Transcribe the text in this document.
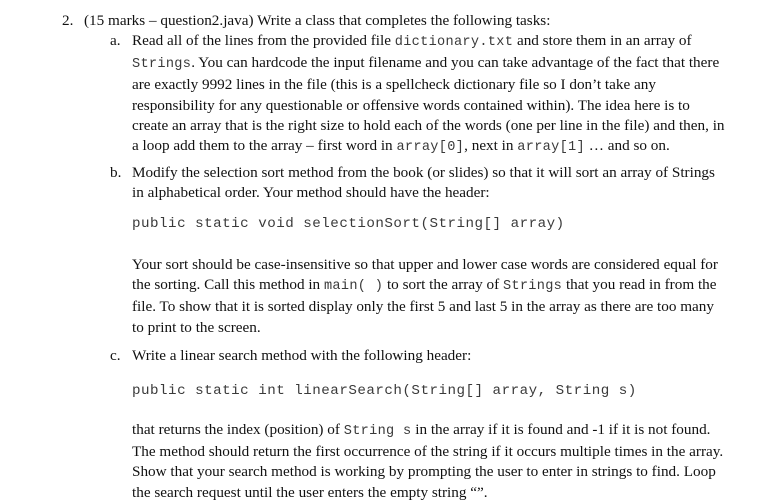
2. (15 marks – question2.java) Write a class that completes the following tasks:
a. Read all of the lines from the provided file dictionary.txt and store them in an array of
Strings. You can hardcode the input filename and you can take advantage of the fact that there
are exactly 9992 lines in the file (this is a spellcheck dictionary file so I don’t take any
responsibility for any questionable or offensive words contained within). The idea here is to
create an array that is the right size to hold each of the words (one per line in the file) and then, in
a loop add them to the array – first word in array[0], next in array[1] … and so on.
b. Modify the selection sort method from the book (or slides) so that it will sort an array of Strings
in alphabetical order. Your method should have the header:
public static void selectionSort(String[] array)
Your sort should be case-insensitive so that upper and lower case words are considered equal for
the sorting. Call this method in main( ) to sort the array of Strings that you read in from the
file. To show that it is sorted display only the first 5 and last 5 in the array as there are too many
to print to the screen.
c. Write a linear search method with the following header:
public static int linearSearch(String[] array, String s)
that returns the index (position) of String s in the array if it is found and -1 if it is not found.
The method should return the first occurrence of the string if it occurs multiple times in the array.
Show that your search method is working by prompting the user to enter in strings to find. Loop
the search request until the user enters the empty string “”.
